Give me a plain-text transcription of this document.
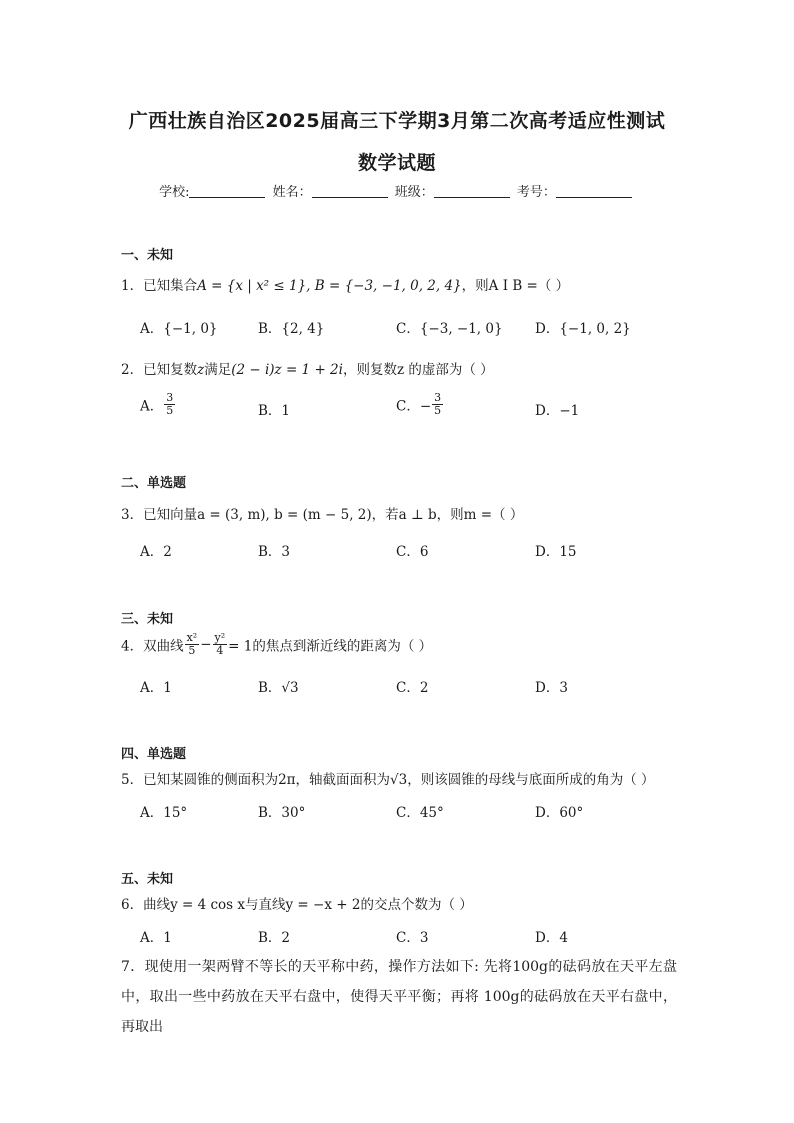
广西壮族自治区2025届高三下学期3月第二次高考适应性测试
数学试题
学校:	姓名：	班级：	考号：
一、未知
1．已知集合A = {x | x² ≤ 1}, B = {−3, −1, 0, 2, 4}，则A I B =（ ）
A．{−1, 0}	B．{2, 4}	C．{−3, −1, 0} D．{−1, 0, 2}
2．已知复数z满足(2 − i)z = 1 + 2i，则复数z 的虚部为（ ）
A． $\frac{3}{5}$	B．1	C．− $\frac{3}{5}$	D．−1
二、单选题
3．已知向量a = (3, m), b = (m − 5, 2)，若a ⊥ b，则m =（ ）
A．2	B．3	C．6	D．15
三、未知
4．双曲线 $\frac{\text{x²}}{5} - \frac{\text{y²}}{4} = 1$的焦点到渐近线的距离为（ ）
A．1	B．√3	C．2	D．3
四、单选题
5．已知某圆锥的侧面积为2π，轴截面面积为√3，则该圆锥的母线与底面所成的角为（ ）
A．15°	B．30°	C．45°	D．60°
五、未知
6．曲线y = 4 cos x与直线y = −x + 2的交点个数为（ ）
A．1	B．2	C．3	D．4
7．现使用一架两臂不等长的天平称中药，操作方法如下: 先将100g的砝码放在天平左盘中，取出一些中药放在天平右盘中，使得天平平衡；再将 100g的砝码放在天平右盘中，再取出
